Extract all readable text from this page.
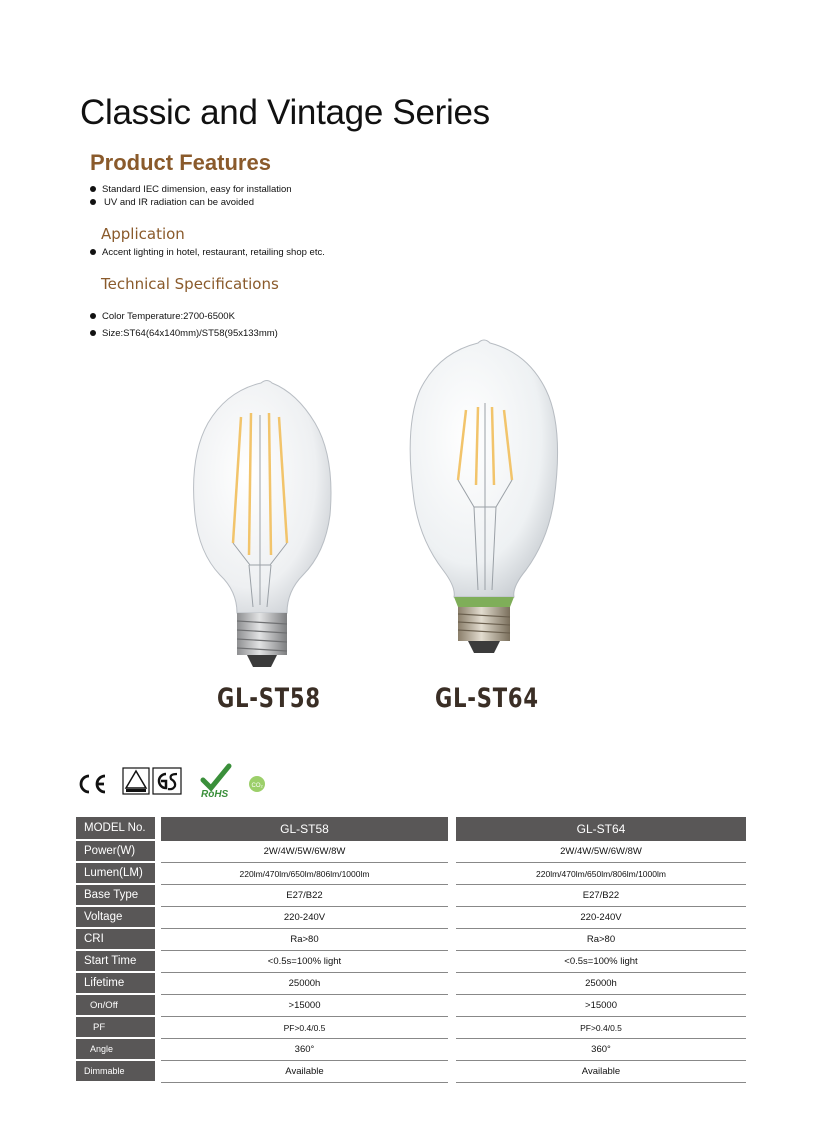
Classic and Vintage Series
Product Features
Standard IEC dimension, easy for installation
UV and IR radiation can be avoided
Application
Accent lighting in hotel, restaurant, retailing shop etc.
Technical Specifications
Color Temperature:2700-6500K
Size:ST64(64x140mm)/ST58(95x133mm)
GL-ST58	GL-ST64
RoHS
CO₂
MODEL No.		GL-ST58		GL-ST64
Power(W)		2W/4W/5W/6W/8W		2W/4W/5W/6W/8W
Lumen(LM)		220lm/470lm/650lm/806lm/1000lm		220lm/470lm/650lm/806lm/1000lm
Base Type		E27/B22		E27/B22
Voltage		220-240V		220-240V
CRI		Ra>80		Ra>80
Start Time		<0.5s=100% light		<0.5s=100% light
Lifetime		25000h		25000h
On/Off		>15000		>15000
PF		PF>0.4/0.5		PF>0.4/0.5
Angle		360°		360°
Dimmable		Available		Available
